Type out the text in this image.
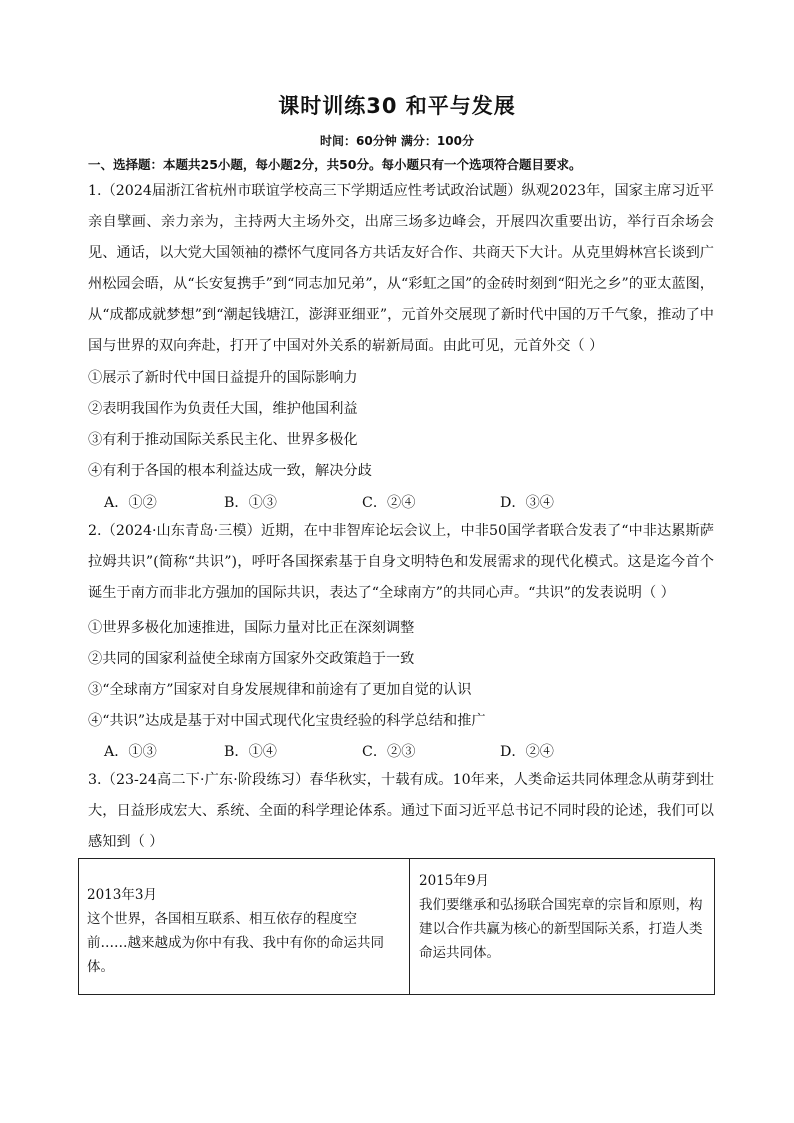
课时训练30 和平与发展
时间：60分钟 满分：100分
一、选择题：本题共25小题，每小题2分，共50分。每小题只有一个选项符合题目要求。
1.（2024届浙江省杭州市联谊学校高三下学期适应性考试政治试题）纵观2023年，国家主席习近平亲自擘画、亲力亲为，主持两大主场外交，出席三场多边峰会，开展四次重要出访，举行百余场会见、通话，以大党大国领袖的襟怀气度同各方共话友好合作、共商天下大计。从克里姆林宫长谈到广州松园会晤，从“长安复携手”到“同志加兄弟”，从“彩虹之国”的金砖时刻到“阳光之乡”的亚太蓝图，从“成都成就梦想”到“潮起钱塘江，澎湃亚细亚”，元首外交展现了新时代中国的万千气象，推动了中国与世界的双向奔赴，打开了中国对外关系的崭新局面。由此可见，元首外交（ ）
①展示了新时代中国日益提升的国际影响力
②表明我国作为负责任大国，维护他国利益
③有利于推动国际关系民主化、世界多极化
④有利于各国的根本利益达成一致，解决分歧
A．①②	B．①③	C．②④	D．③④
2.（2024·山东青岛·三模）近期，在中非智库论坛会议上，中非50国学者联合发表了“中非达累斯萨拉姆共识”(简称“共识”)，呼吁各国探索基于自身文明特色和发展需求的现代化模式。这是迄今首个诞生于南方而非北方强加的国际共识，表达了“全球南方”的共同心声。“共识”的发表说明（ ）
①世界多极化加速推进，国际力量对比正在深刻调整
②共同的国家利益使全球南方国家外交政策趋于一致
③“全球南方”国家对自身发展规律和前途有了更加自觉的认识
④“共识”达成是基于对中国式现代化宝贵经验的科学总结和推广
A．①③	B．①④	C．②③	D．②④
3.（23-24高二下·广东·阶段练习）春华秋实，十载有成。10年来，人类命运共同体理念从萌芽到壮大，日益形成宏大、系统、全面的科学理论体系。通过下面习近平总书记不同时段的论述，我们可以感知到（ ）
2013年3月
这个世界，各国相互联系、相互依存的程度空前……越来越成为你中有我、我中有你的命运共同体。
2015年9月
我们要继承和弘扬联合国宪章的宗旨和原则，构建以合作共赢为核心的新型国际关系，打造人类命运共同体。
